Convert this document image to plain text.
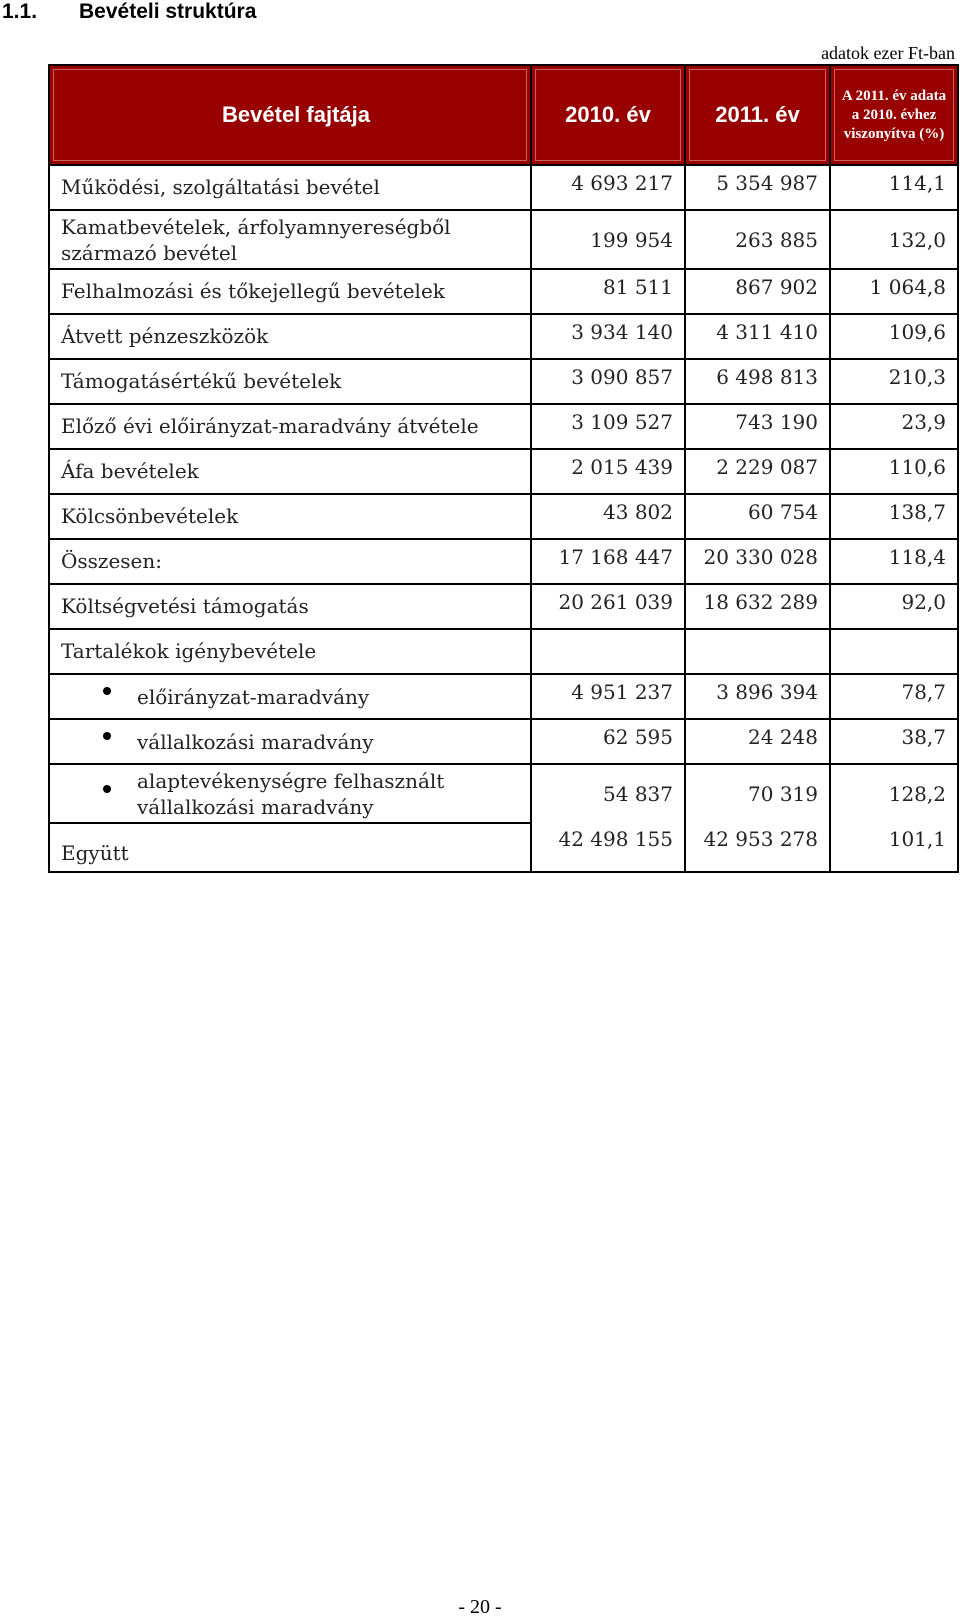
1.1. Bevételi struktúra
adatok ezer Ft-ban
Bevétel fajtája	2010. év	2011. év	A 2011. év adata a 2010. évhez viszonyítva (%)

Működési, szolgáltatási bevétel	4 693 217	5 354 987	114,1
Kamatbevételek, árfolyamnyereségből származó bevétel	199 954	263 885	132,0
Felhalmozási és tőkejellegű bevételek	81 511	867 902	1 064,8
Átvett pénzeszközök	3 934 140	4 311 410	109,6
Támogatásértékű bevételek	3 090 857	6 498 813	210,3
Előző évi előirányzat-maradvány átvétele	3 109 527	743 190	23,9
Áfa bevételek	2 015 439	2 229 087	110,6
Kölcsönbevételek	43 802	60 754	138,7
Összesen:	17 168 447	20 330 028	118,4
Költségvetési támogatás	20 261 039	18 632 289	92,0
Tartalékok igénybevétele			

előirányzat-maradvány	4 951 237	3 896 394	78,7

vállalkozási maradvány	62 595	24 248	38,7

alaptevékenységre felhasznált vállalkozási maradvány	54 837	70 319	128,2
Együtt	42 498 155	42 953 278	101,1
- 20 -
